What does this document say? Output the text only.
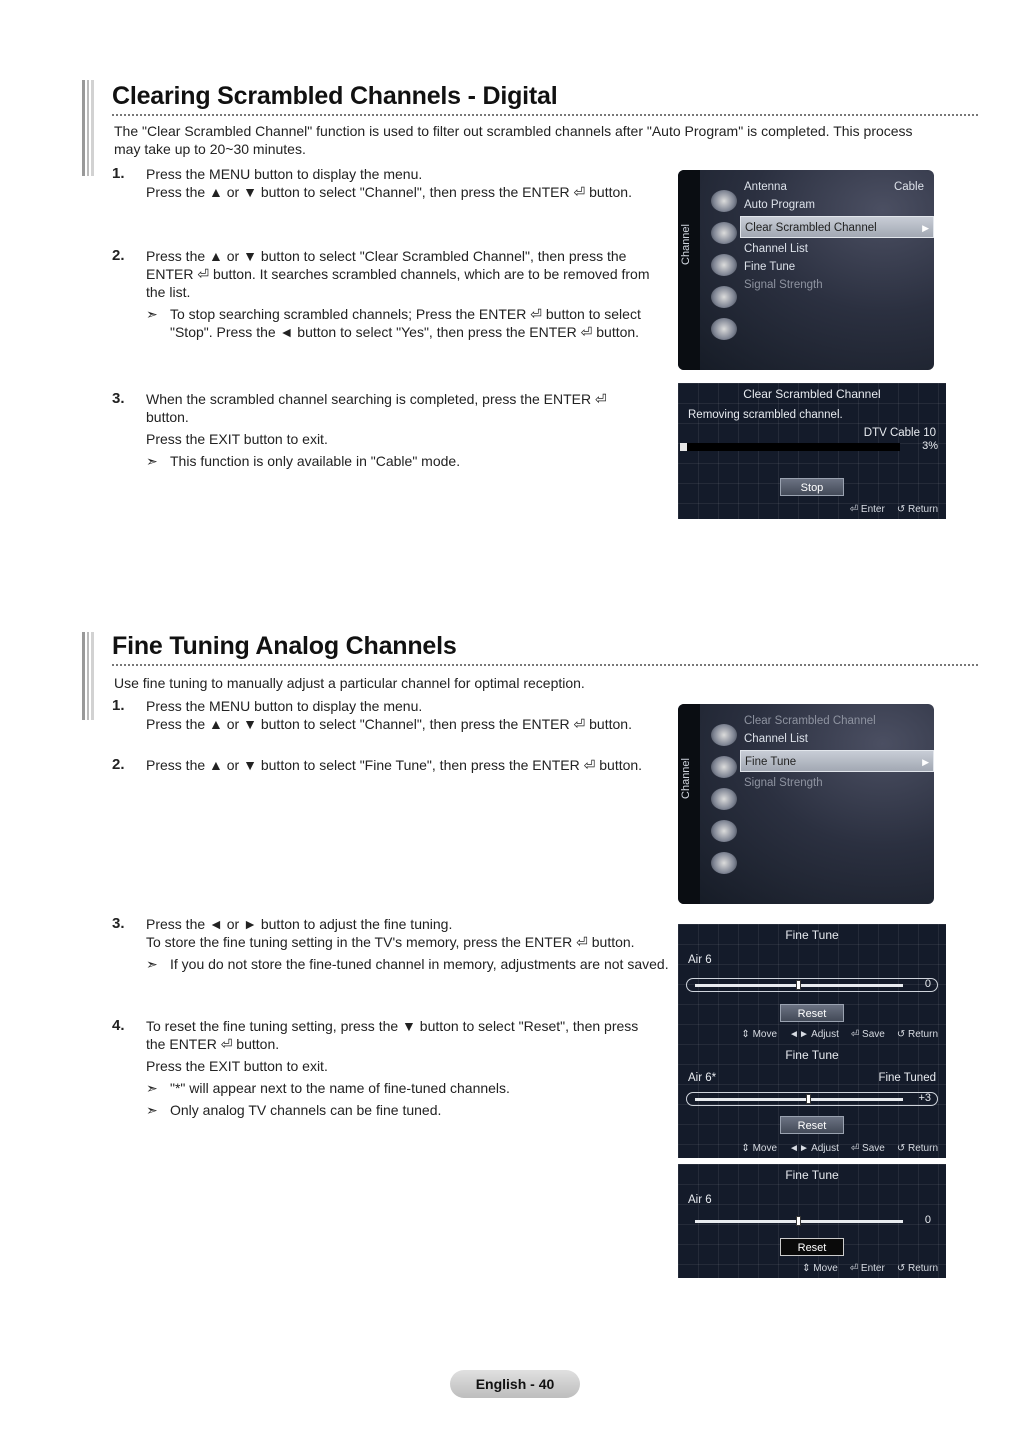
Clearing Scrambled Channels - Digital
The "Clear Scrambled Channel" function is used to filter out scrambled channels after "Auto Program" is completed. This process may take up to 20~30 minutes.
1.	Press the MENU button to display the menu.

Press the ▲ or ▼ button to select "Channel", then press the ENTER ⏎ button.

2.	Press the ▲ or ▼ button to select "Clear Scrambled Channel", then press the ENTER ⏎ button. It searches scrambled channels, which are to be removed from the list.

➣ To stop searching scrambled channels; Press the ENTER ⏎ button to select "Stop". Press the ◄ button to select "Yes", then press the ENTER ⏎ button.

3.	When the scrambled channel searching is completed, press the ENTER ⏎ button.

Press the EXIT button to exit.

➣ This function is only available in "Cable" mode.

Channel
Antenna	Cable
Auto Program
Clear Scrambled Channel ▶
Channel List
Fine Tune
Signal Strength
Clear Scrambled Channel
Removing scrambled channel.
DTV Cable 10
3%
Stop
⏎ Enter ↺ Return
Fine Tuning Analog Channels
Use fine tuning to manually adjust a particular channel for optimal reception.
1.	Press the MENU button to display the menu.

Press the ▲ or ▼ button to select "Channel", then press the ENTER ⏎ button.

2.	Press the ▲ or ▼ button to select "Fine Tune", then press the ENTER ⏎ button.

3.	Press the ◄ or ► button to adjust the fine tuning.

To store the fine tuning setting in the TV's memory, press the ENTER ⏎ button.

➣ If you do not store the fine-tuned channel in memory, adjustments are not saved.

4.	To reset the fine tuning setting, press the ▼ button to select "Reset", then press the ENTER ⏎ button.

Press the EXIT button to exit.

➣ "*" will appear next to the name of fine-tuned channels.

➣ Only analog TV channels can be fine tuned.

Channel
Clear Scrambled Channel
Channel List
Fine Tune ▶
Signal Strength
Fine Tune
Air 6
0
Reset
⇕ Move ◄► Adjust ⏎ Save ↺ Return
Fine Tune
Air 6*	Fine Tuned
+3
Reset
⇕ Move ◄► Adjust ⏎ Save ↺ Return
Fine Tune
Air 6
0
Reset
⇕ Move ⏎ Enter ↺ Return
English - 40
